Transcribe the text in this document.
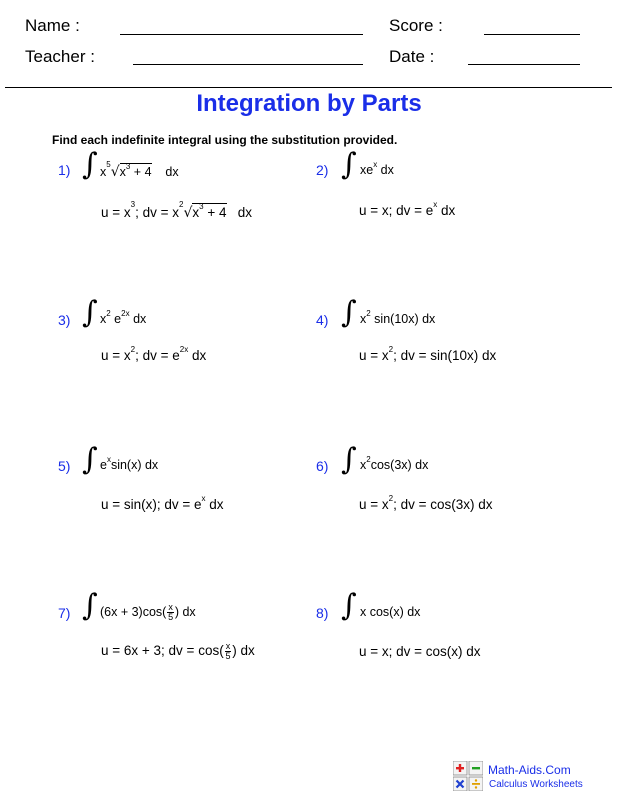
Name :	Score :
Teacher :	Date :
Integration by Parts
Find each indefinite integral using the substitution provided.
1) ∫ $x^5√x^3 + 4$    dx
$u = x^3$; dv = $x^2√x^3 + 4$   dx
2) ∫ $xe^x$ dx
u = x; dv = $e^x$ dx
3) ∫ $x^2$ $e^{2x}$ dx
$u = x^2$; dv = $e^{2x}$ dx
4) ∫ $x^2$ sin(10x) dx
$u = x^2$; dv = sin(10x) dx
5) ∫ $e^x\sin(x)$ dx
u = sin(x); dv = $e^x$ dx
6) ∫ $x^2\cos(3x)$ dx
$u = x^2$; dv = cos(3x) dx
7) ∫ $(6x + 3)\cos( \frac{x}{5}$ ) dx
u = 6x + 3; dv = $\cos( \frac{x}{5}$ ) dx
8) ∫ x cos(x) dx
u = x; dv = cos(x) dx
Math-Aids.Com
Calculus Worksheets
